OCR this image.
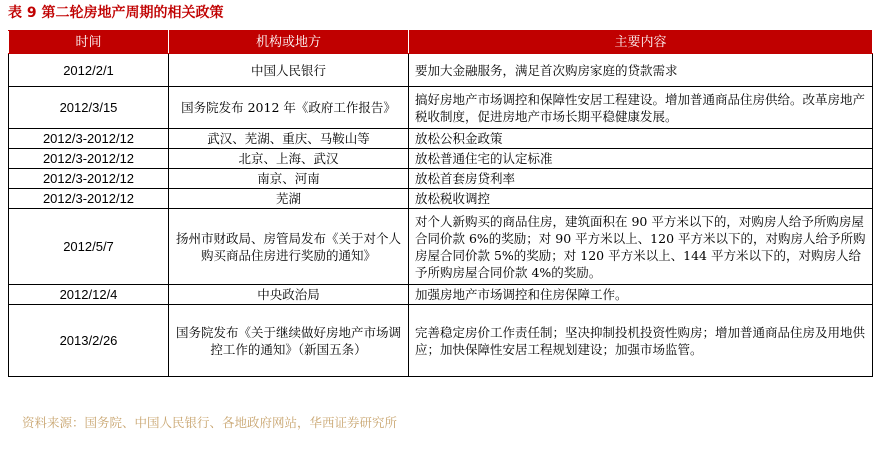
表 9 第二轮房地产周期的相关政策
时间	机构或地方	主要内容
2012/2/1	中国人民银行	要加大金融服务，满足首次购房家庭的贷款需求
2012/3/15	国务院发布 2012 年《政府工作报告》	搞好房地产市场调控和保障性安居工程建设。增加普通商品住房供给。改革房地产税收制度，促进房地产市场长期平稳健康发展。
2012/3-2012/12	武汉、芜湖、重庆、马鞍山等	放松公积金政策
2012/3-2012/12	北京、上海、武汉	放松普通住宅的认定标准
2012/3-2012/12	南京、河南	放松首套房贷利率
2012/3-2012/12	芜湖	放松税收调控
2012/5/7	扬州市财政局、房管局发布《关于对个人购买商品住房进行奖励的通知》	对个人新购买的商品住房，建筑面积在 90 平方米以下的，对购房人给予所购房屋合同价款 6%的奖励；对 90 平方米以上、120 平方米以下的，对购房人给予所购房屋合同价款 5%的奖励；对 120 平方米以上、144 平方米以下的，对购房人给予所购房屋合同价款 4%的奖励。
2012/12/4	中央政治局	加强房地产市场调控和住房保障工作。
2013/2/26	国务院发布《关于继续做好房地产市场调控工作的通知》（新国五条）	完善稳定房价工作责任制；坚决抑制投机投资性购房；增加普通商品住房及用地供应；加快保障性安居工程规划建设；加强市场监管。
资料来源：国务院、中国人民银行、各地政府网站，华西证券研究所
